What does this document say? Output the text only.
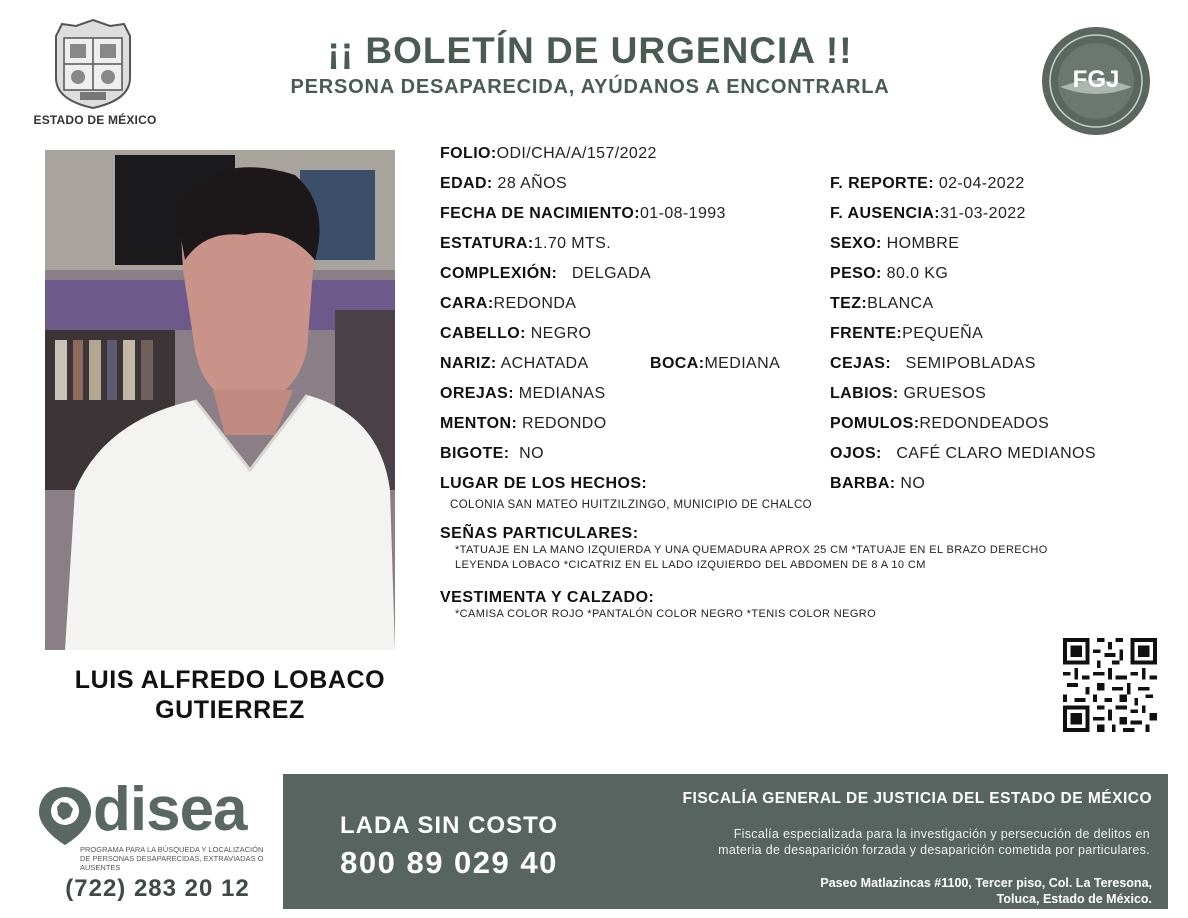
ESTADO DE MÉXICO
¡¡ BOLETÍN DE URGENCIA !!
PERSONA DESAPARECIDA, AYÚDANOS A ENCONTRARLA	FGJ
LUIS ALFREDO LOBACO
GUTIERREZ
FOLIO:ODI/CHA/A/157/2022
EDAD: 28 AÑOS	F. REPORTE: 02-04-2022
FECHA DE NACIMIENTO:01-08-1993	F. AUSENCIA:31-03-2022
ESTATURA:1.70 MTS.	SEXO: HOMBRE
COMPLEXIÓN: DELGADA	PESO: 80.0 KG
CARA:REDONDA	TEZ:BLANCA
CABELLO: NEGRO	FRENTE:PEQUEÑA
NARIZ: ACHATADA	BOCA:MEDIANA	CEJAS: SEMIPOBLADAS
OREJAS: MEDIANAS	LABIOS: GRUESOS
MENTON: REDONDO	POMULOS:REDONDEADOS
BIGOTE: NO	OJOS: CAFÉ CLARO MEDIANOS
LUGAR DE LOS HECHOS:	BARBA: NO
COLONIA SAN MATEO HUITZILZINGO, MUNICIPIO DE CHALCO
SEÑAS PARTICULARES:
*TATUAJE EN LA MANO IZQUIERDA Y UNA QUEMADURA APROX 25 CM *TATUAJE EN EL BRAZO DERECHO
LEYENDA LOBACO *CICATRIZ EN EL LADO IZQUIERDO DEL ABDOMEN DE 8 A 10 CM
VESTIMENTA Y CALZADO:
*CAMISA COLOR ROJO *PANTALÓN COLOR NEGRO *TENIS COLOR NEGRO
disea
PROGRAMA PARA LA BÚSQUEDA Y LOCALIZACIÓN DE PERSONAS DESAPARECIDAS, EXTRAVIADAS O AUSENTES
(722) 283 20 12
LADA SIN COSTO
800 89 029 40
FISCALÍA GENERAL DE JUSTICIA DEL ESTADO DE MÉXICO
Fiscalía especializada para la investigación y persecución de delitos en
materia de desaparición forzada y desaparición cometida por particulares.
Paseo Matlazincas #1100, Tercer piso, Col. La Teresona,
Toluca, Estado de México.
